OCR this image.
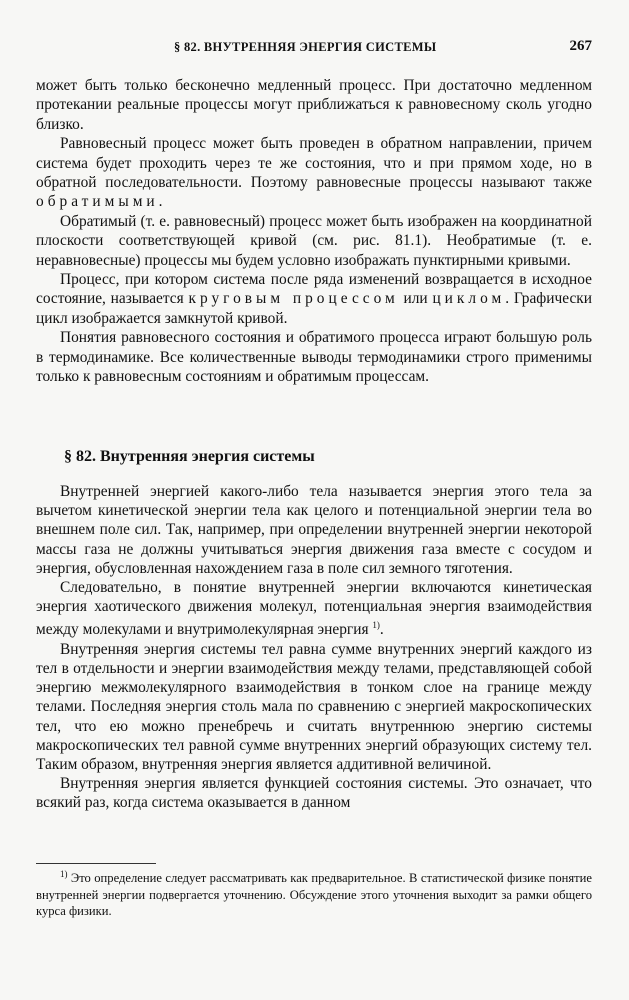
§ 82. ВНУТРЕННЯЯ ЭНЕРГИЯ СИСТЕМЫ	267

может быть только бесконечно медленный процесс. При достаточно медленном протекании реальные процессы могут приближаться к равновесному сколь угодно близко.

Равновесный процесс может быть проведен в обратном направлении, причем система будет проходить через те же состояния, что и при прямом ходе, но в обратной последовательности. Поэтому равновесные процессы называют также обратимыми.

Обратимый (т. е. равновесный) процесс может быть изображен на координатной плоскости соответствующей кривой (см. рис. 81.1). Необратимые (т. е. неравновесные) процессы мы будем условно изображать пунктирными кривыми.

Процесс, при котором система после ряда изменений возвращается в исходное состояние, называется круговым процессом или циклом. Графически цикл изображается замкнутой кривой.

Понятия равновесного состояния и обратимого процесса играют большую роль в термодинамике. Все количественные выводы термодинамики строго применимы только к равновесным состояниям и обратимым процессам.

§ 82. Внутренняя энергия системы

Внутренней энергией какого-либо тела называется энергия этого тела за вычетом кинетической энергии тела как целого и потенциальной энергии тела во внешнем поле сил. Так, например, при определении внутренней энергии некоторой массы газа не должны учитываться энергия движения газа вместе с сосудом и энергия, обусловленная нахождением газа в поле сил земного тяготения.

Следовательно, в понятие внутренней энергии включаются кинетическая энергия хаотического движения молекул, потенциальная энергия взаимодействия между молекулами и внутримолекулярная энергия $^{1)}$.

Внутренняя энергия системы тел равна сумме внутренних энергий каждого из тел в отдельности и энергии взаимодействия между телами, представляющей собой энергию межмолекулярного взаимодействия в тонком слое на границе между телами. Последняя энергия столь мала по сравнению с энергией макроскопических тел, что ею можно пренебречь и считать внутреннюю энергию системы макроскопических тел равной сумме внутренних энергий образующих систему тел. Таким образом, внутренняя энергия является аддитивной величиной.

Внутренняя энергия является функцией состояния системы. Это означает, что всякий раз, когда система оказывается в данном

$^{1)}$ Это определение следует рассматривать как предварительное. В статистической физике понятие внутренней энергии подвергается уточнению. Обсуждение этого уточнения выходит за рамки общего курса физики.
